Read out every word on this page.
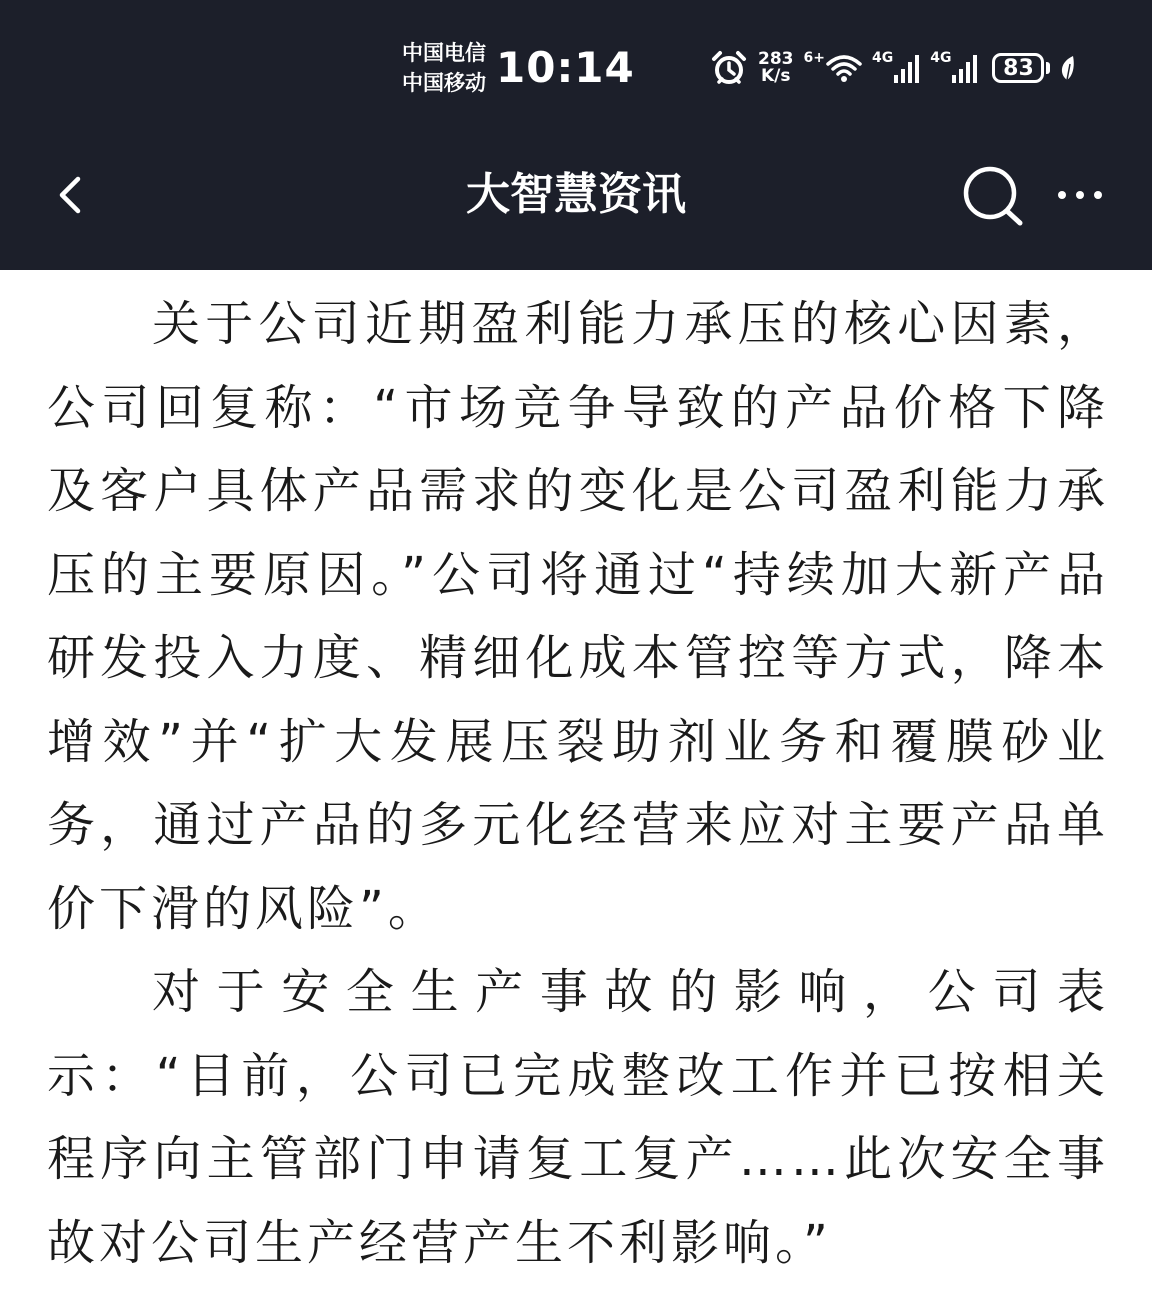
中国电信
中国移动 10:14	283
K/s
6+	4G	4G	83
大智慧资讯

关于公司近期盈利能力承压的核心因素，公司回复称：“市场竞争导致的产品价格下降及客户具体产品需求的变化是公司盈利能力承压的主要原因。”公司将通过“持续加大新产品研发投入力度、精细化成本管控等方式，降本增效”并“扩大发展压裂助剂业务和覆膜砂业务，通过产品的多元化经营来应对主要产品单价下滑的风险”。

对于安全生产事故的影响，公司表示：“目前，公司已完成整改工作并已按相关程序向主管部门申请复工复产……此次安全事故对公司生产经营产生不利影响。”
